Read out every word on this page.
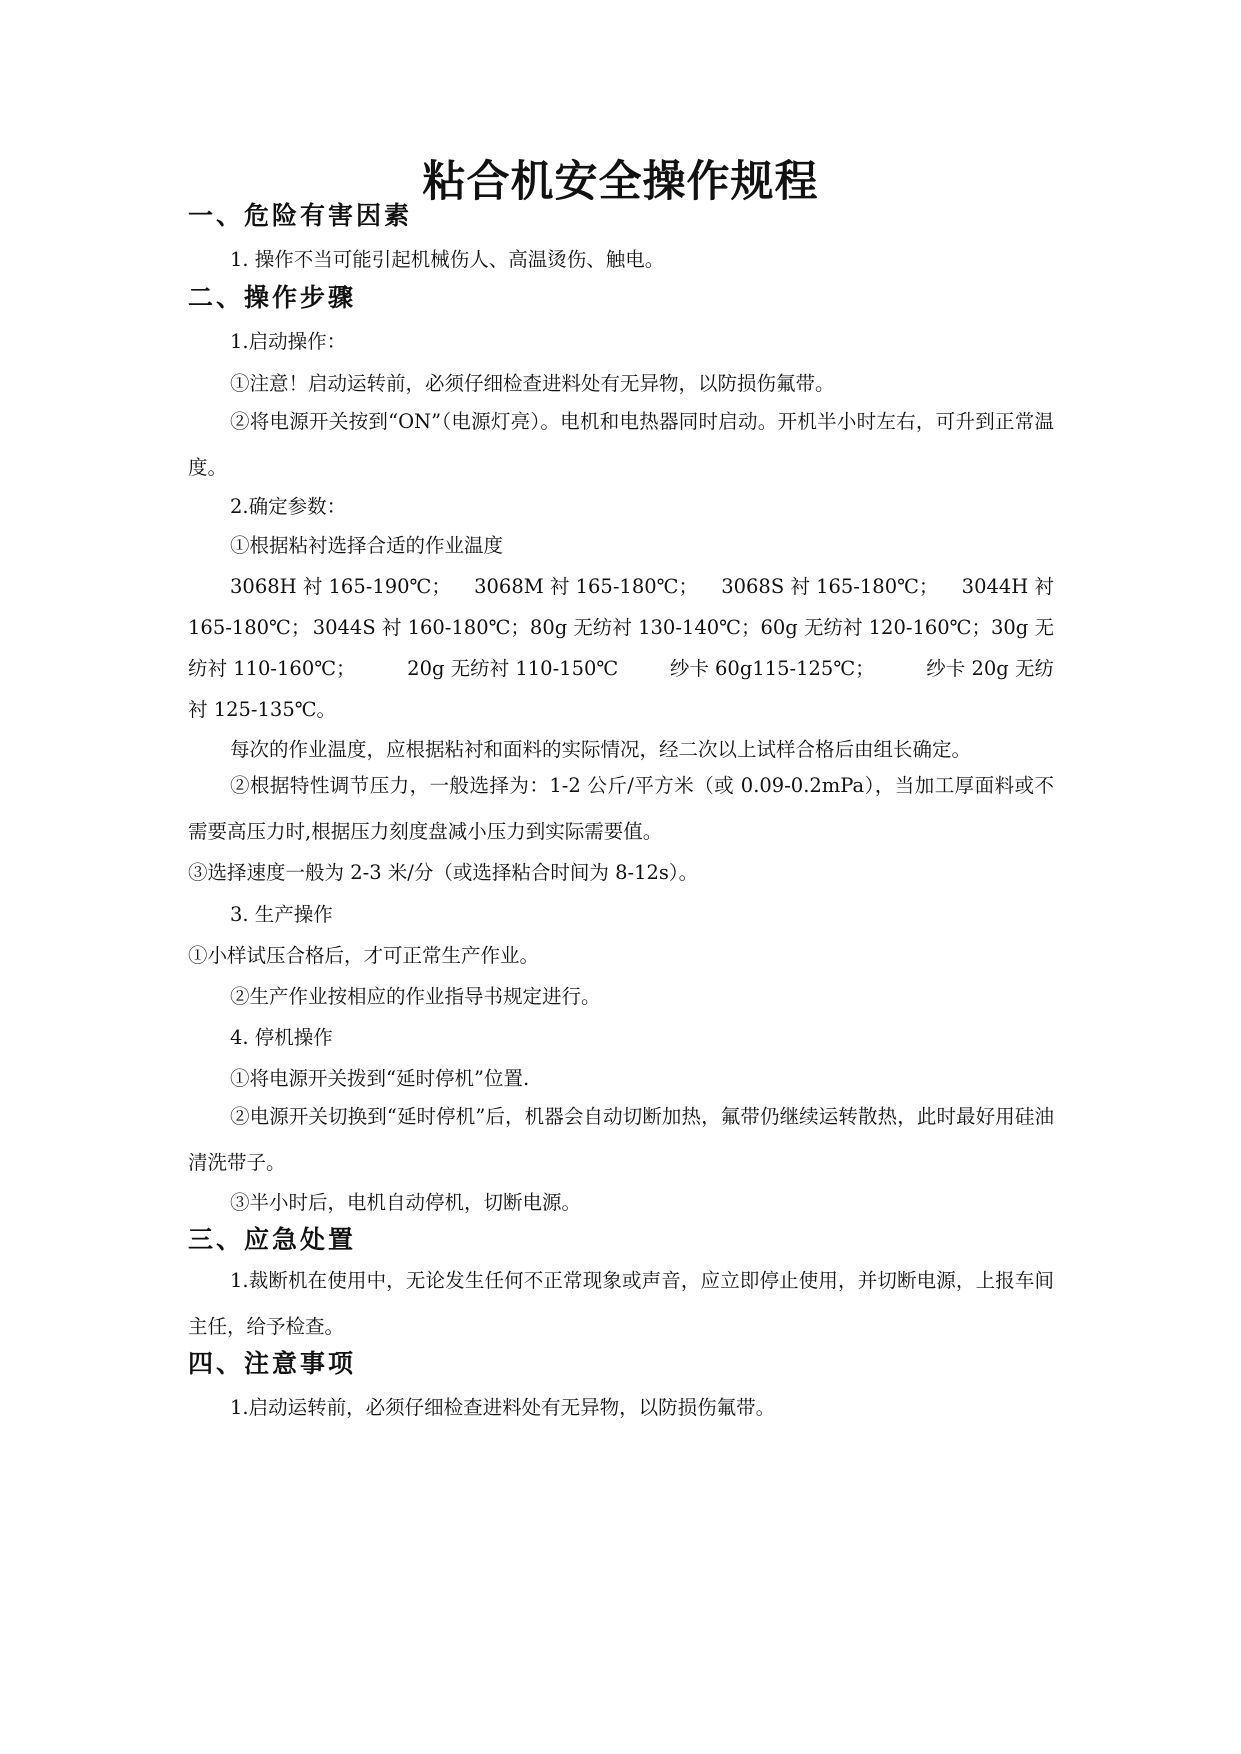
粘合机安全操作规程
一、危险有害因素

1. 操作不当可能引起机械伤人、高温烫伤、触电。

二、操作步骤

1.启动操作：

①注意！启动运转前，必须仔细检查进料处有无异物，以防损伤氟带。

②将电源开关按到“ON”（电源灯亮）。电机和电热器同时启动。开机半小时左右，可升到正常温度。

2.确定参数：

①根据粘衬选择合适的作业温度

3068H 衬 165-190℃； 3068M 衬 165-180℃； 3068S 衬 165-180℃； 3044H 衬
165-180℃； 3044S 衬 160-180℃；80g 无纺衬 130-140℃；60g 无纺衬 120-160℃；30g 无
纺衬 110-160℃；	20g 无纺衬 110-150℃	纱卡 60g115-125℃；	纱卡 20g 无纺

衬 125-135℃。

每次的作业温度，应根据粘衬和面料的实际情况，经二次以上试样合格后由组长确定。

②根据特性调节压力，一般选择为：1-2 公斤/平方米（或 0.09-0.2mPa），当加工厚面料或不需要高压力时,根据压力刻度盘减小压力到实际需要值。

③选择速度一般为 2-3 米/分（或选择粘合时间为 8-12s）。

3. 生产操作

①小样试压合格后，才可正常生产作业。

②生产作业按相应的作业指导书规定进行。

4. 停机操作

①将电源开关拨到“延时停机”位置.

②电源开关切换到“延时停机”后，机器会自动切断加热，氟带仍继续运转散热，此时最好用硅油清洗带子。

③半小时后，电机自动停机，切断电源。

三、应急处置

1.裁断机在使用中，无论发生任何不正常现象或声音，应立即停止使用，并切断电源，上报车间主任，给予检查。

四、注意事项

1.启动运转前，必须仔细检查进料处有无异物，以防损伤氟带。
